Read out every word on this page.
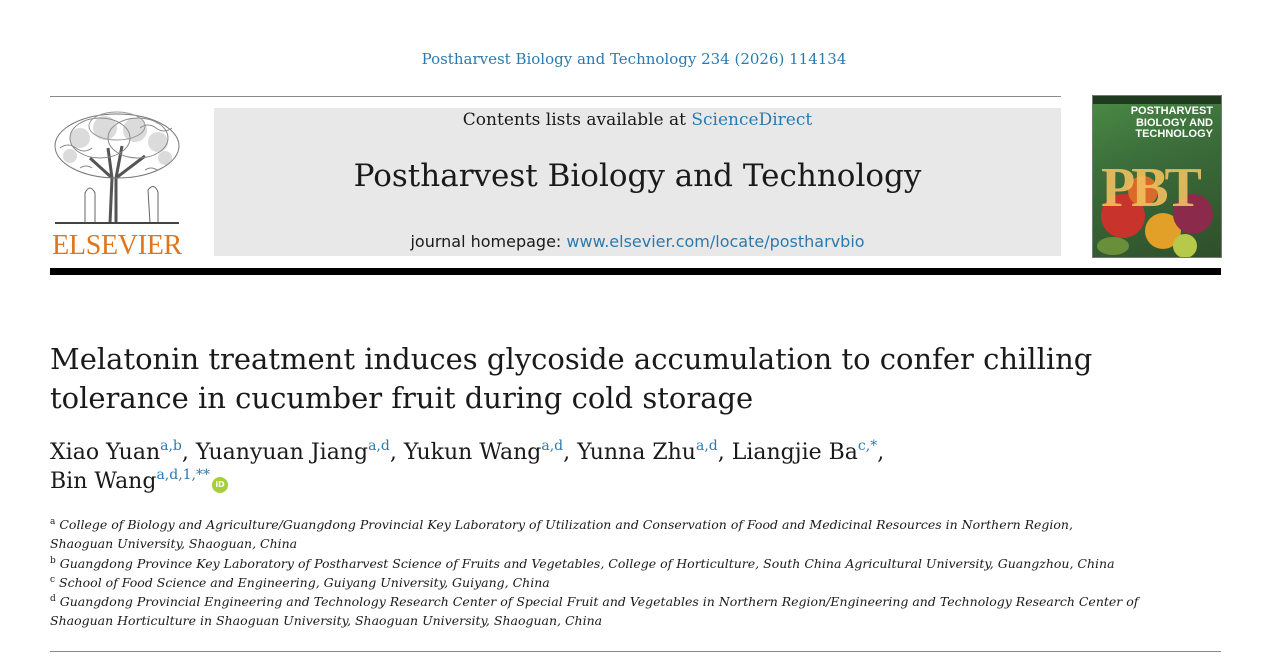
Postharvest Biology and Technology 234 (2026) 114134
ELSEVIER
Contents lists available at ScienceDirect
Postharvest Biology and Technology
journal homepage: www.elsevier.com/locate/postharvbio
POSTHARVEST
BIOLOGY AND
TECHNOLOGY
PBT
Melatonin treatment induces glycoside accumulation to confer chilling
tolerance in cucumber fruit during cold storage
Xiao Yuan$^{a,b}$, Yuanyuan Jiang$^{a,d}$, Yukun Wang$^{a,d}$, Yunna Zhu$^{a,d}$, Liangjie $Ba^{c,*}$,
Bin Wang$^{a,d,1,**}$iD
$^a$ College of Biology and Agriculture/Guangdong Provincial Key Laboratory of Utilization and Conservation of Food and Medicinal Resources in Northern Region,
Shaoguan University, Shaoguan, China
$^b$ Guangdong Province Key Laboratory of Postharvest Science of Fruits and Vegetables, College of Horticulture, South China Agricultural University, Guangzhou, China
$^c$ School of Food Science and Engineering, Guiyang University, Guiyang, China
$^d$ Guangdong Provincial Engineering and Technology Research Center of Special Fruit and Vegetables in Northern Region/Engineering and Technology Research Center of
Shaoguan Horticulture in Shaoguan University, Shaoguan University, Shaoguan, China
